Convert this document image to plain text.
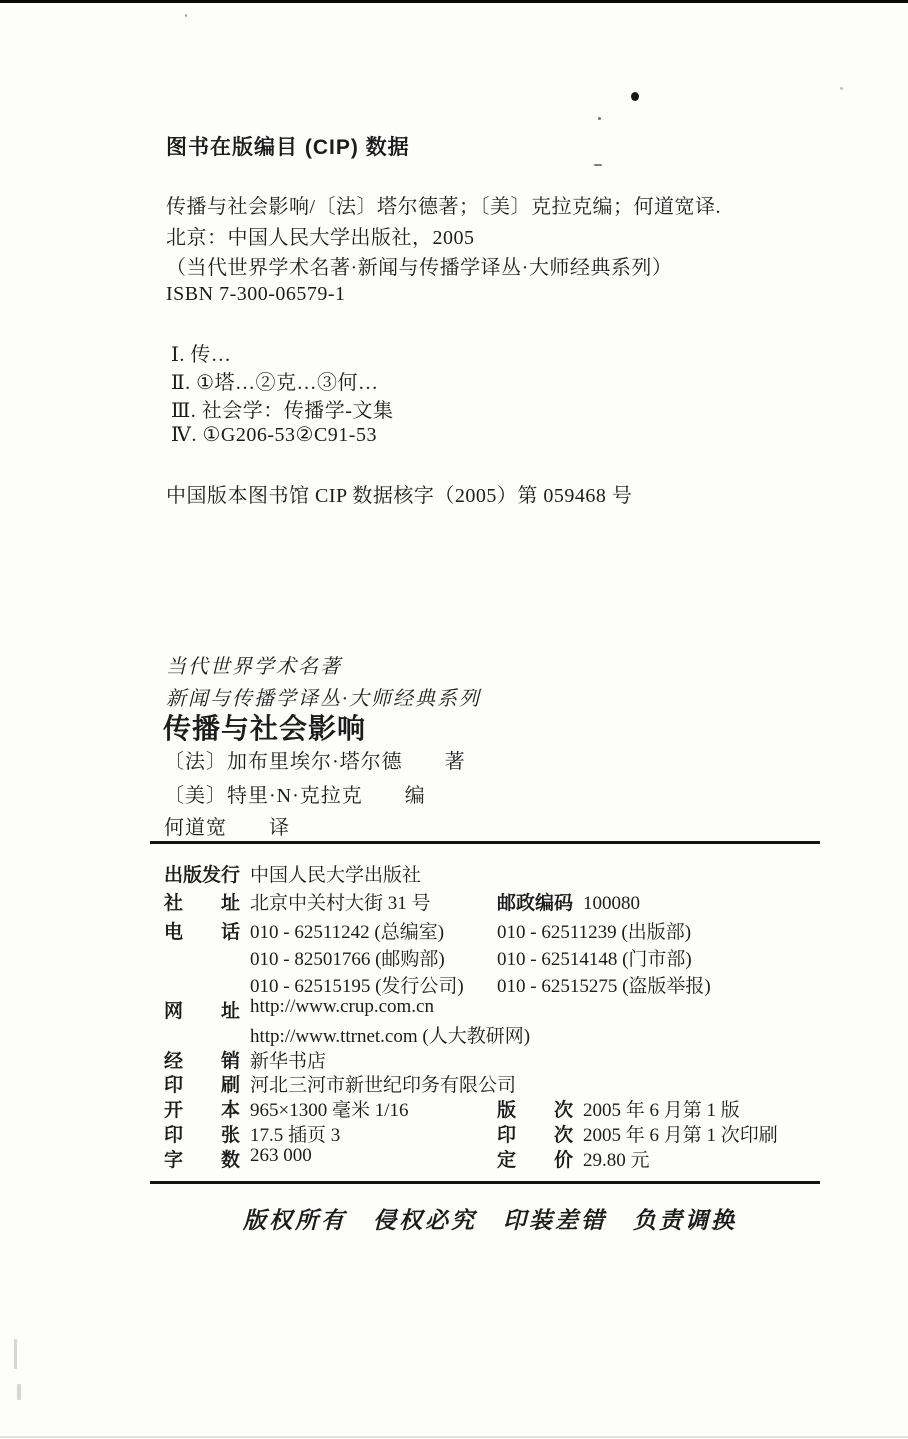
图书在版编目 (CIP) 数据
传播与社会影响/〔法〕塔尔德著；〔美〕克拉克编；何道宽译.
北京：中国人民大学出版社，2005
（当代世界学术名著·新闻与传播学译丛·大师经典系列）
ISBN 7-300-06579-1
Ⅰ. 传…
Ⅱ. ①塔…②克…③何…
Ⅲ. 社会学：传播学-文集
Ⅳ. ①G206-53②C91-53
中国版本图书馆 CIP 数据核字（2005）第 059468 号
当代世界学术名著
新闻与传播学译丛·大师经典系列
传播与社会影响
〔法〕加布里埃尔·塔尔德　　著
〔美〕特里·N·克拉克　　编
何道宽　　译
出版发行 中国人民大学出版社
社　　址 北京中关村大街 31 号	邮政编码 100080
电　　话 010 - 62511242 (总编室)	010 - 62511239 (出版部)
010 - 82501766 (邮购部)	010 - 62514148 (门市部)
010 - 62515195 (发行公司) 010 - 62515275 (盗版举报)
网　　址 http://www.crup.com.cn
http://www.ttrnet.com (人大教研网)
经　　销 新华书店
印　　刷 河北三河市新世纪印务有限公司
开　　本 965×1300 毫米 1/16	版　　次 2005 年 6 月第 1 版
印　　张 17.5 插页 3	印　　次 2005 年 6 月第 1 次印刷
字　　数 263 000	定　　价 29.80 元
版权所有　侵权必究　印装差错　负责调换
